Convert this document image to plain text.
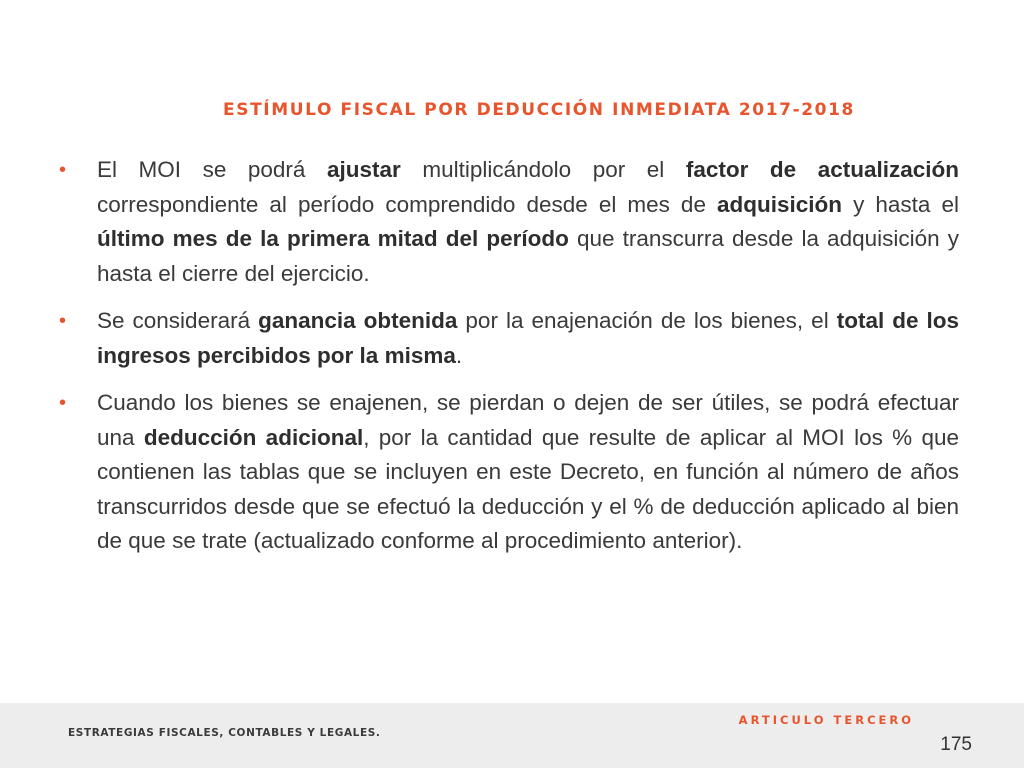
ESTÍMULO FISCAL POR DEDUCCIÓN INMEDIATA 2017-2018
• El MOI se podrá ajustar multiplicándolo por el factor de actualización correspondiente al período comprendido desde el mes de adquisición y hasta el último mes de la primera mitad del período que transcurra desde la adquisición y hasta el cierre del ejercicio.
• Se considerará ganancia obtenida por la enajenación de los bienes, el total de los ingresos percibidos por la misma.
• Cuando los bienes se enajenen, se pierdan o dejen de ser útiles, se podrá efectuar una deducción adicional, por la cantidad que resulte de aplicar al MOI los % que contienen las tablas que se incluyen en este Decreto, en función al número de años transcurridos desde que se efectuó la deducción y el % de deducción aplicado al bien de que se trate (actualizado conforme al procedimiento anterior).
ESTRATEGIAS FISCALES, CONTABLES Y LEGALES.
ARTICULO TERCERO
175
